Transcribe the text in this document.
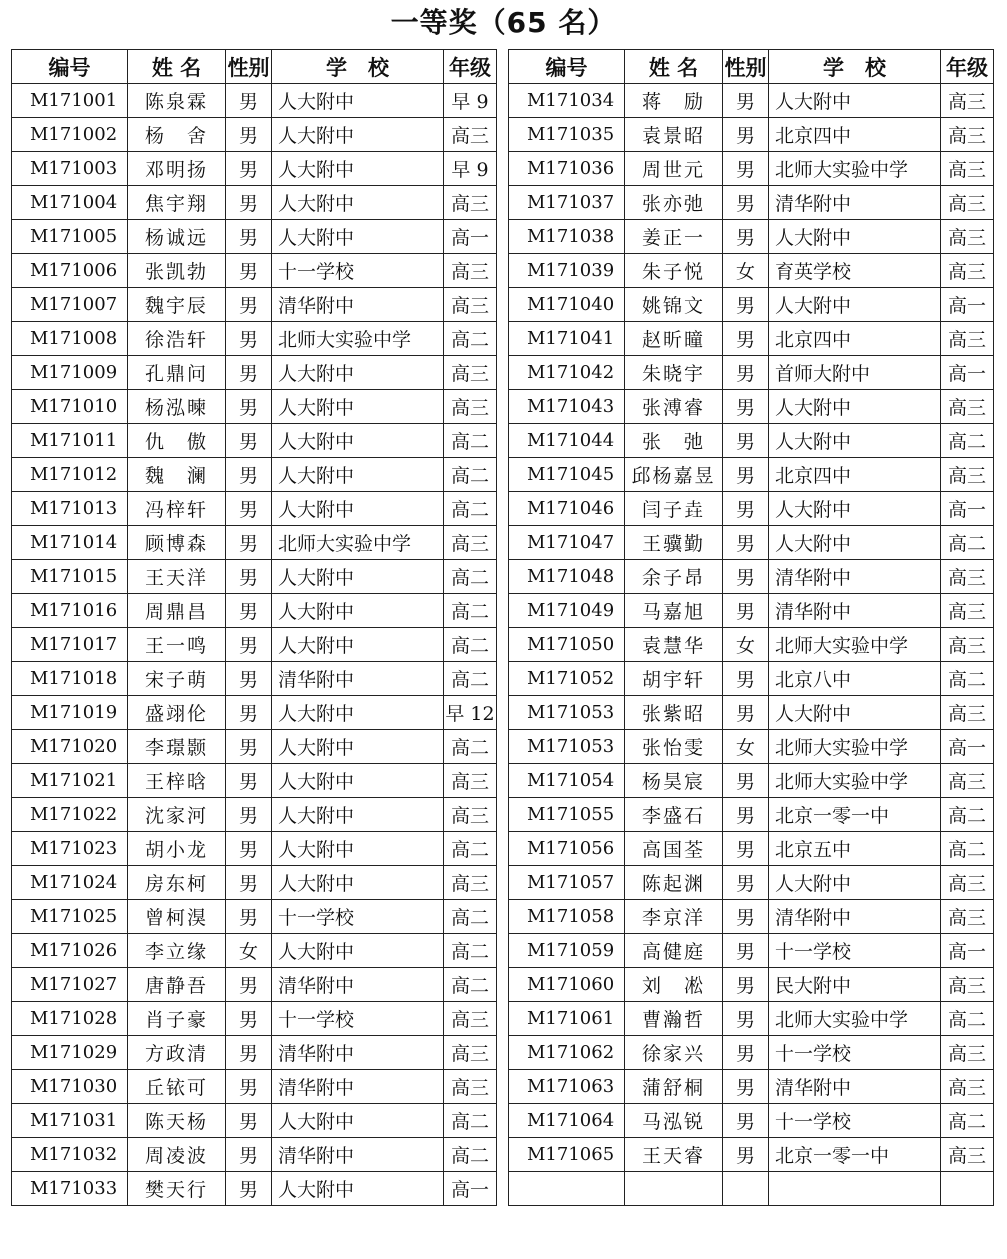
一等奖（65 名）
编号	姓 名	性别	学　校	年级
M171001	陈泉霖	男	人大附中	早 9
M171002	杨　舍	男	人大附中	高三
M171003	邓明扬	男	人大附中	早 9
M171004	焦宇翔	男	人大附中	高三
M171005	杨诚远	男	人大附中	高一
M171006	张凯勃	男	十一学校	高三
M171007	魏宇辰	男	清华附中	高三
M171008	徐浩轩	男	北师大实验中学	高二
M171009	孔鼎问	男	人大附中	高三
M171010	杨泓暕	男	人大附中	高三
M171011	仇　傲	男	人大附中	高二
M171012	魏　澜	男	人大附中	高二
M171013	冯梓轩	男	人大附中	高二
M171014	顾博森	男	北师大实验中学	高三
M171015	王天洋	男	人大附中	高二
M171016	周鼎昌	男	人大附中	高二
M171017	王一鸣	男	人大附中	高二
M171018	宋子萌	男	清华附中	高二
M171019	盛翊伦	男	人大附中	早 12
M171020	李璟颢	男	人大附中	高二
M171021	王梓晗	男	人大附中	高三
M171022	沈家河	男	人大附中	高三
M171023	胡小龙	男	人大附中	高二
M171024	房东柯	男	人大附中	高三
M171025	曾柯湨	男	十一学校	高二
M171026	李立缘	女	人大附中	高二
M171027	唐静吾	男	清华附中	高二
M171028	肖子豪	男	十一学校	高三
M171029	方政清	男	清华附中	高三
M171030	丘铱可	男	清华附中	高三
M171031	陈天杨	男	人大附中	高二
M171032	周凌波	男	清华附中	高二
M171033	樊天行	男	人大附中	高一
编号	姓 名	性别	学　校	年级
M171034	蒋　励	男	人大附中	高三
M171035	袁景昭	男	北京四中	高三
M171036	周世元	男	北师大实验中学	高三
M171037	张亦弛	男	清华附中	高三
M171038	姜正一	男	人大附中	高三
M171039	朱子悦	女	育英学校	高三
M171040	姚锦文	男	人大附中	高一
M171041	赵昕曈	男	北京四中	高三
M171042	朱晓宇	男	首师大附中	高一
M171043	张溥睿	男	人大附中	高三
M171044	张　弛	男	人大附中	高二
M171045	邱杨嘉昱	男	北京四中	高三
M171046	闫子垚	男	人大附中	高一
M171047	王骥勤	男	人大附中	高二
M171048	余子昂	男	清华附中	高三
M171049	马嘉旭	男	清华附中	高三
M171050	袁慧华	女	北师大实验中学	高三
M171052	胡宇轩	男	北京八中	高二
M171053	张紫昭	男	人大附中	高三
M171053	张怡雯	女	北师大实验中学	高一
M171054	杨昊宸	男	北师大实验中学	高三
M171055	李盛石	男	北京一零一中	高二
M171056	高国荃	男	北京五中	高二
M171057	陈起渊	男	人大附中	高三
M171058	李京洋	男	清华附中	高三
M171059	高健庭	男	十一学校	高一
M171060	刘　凇	男	民大附中	高三
M171061	曹瀚哲	男	北师大实验中学	高二
M171062	徐家兴	男	十一学校	高三
M171063	蒲舒桐	男	清华附中	高三
M171064	马泓锐	男	十一学校	高二
M171065	王天睿	男	北京一零一中	高三
